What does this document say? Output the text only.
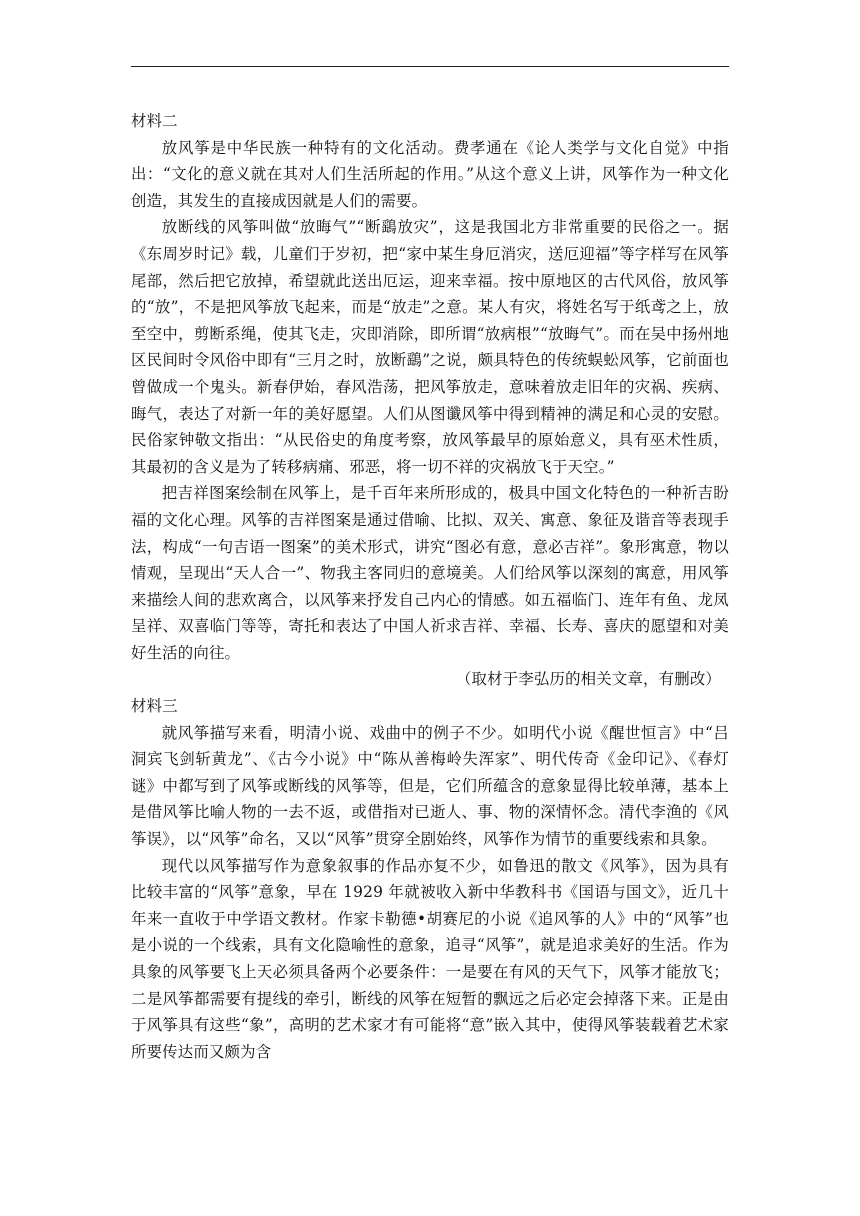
材料二

放风筝是中华民族一种特有的文化活动。费孝通在《论人类学与文化自觉》中指出：“文化的意义就在其对人们生活所起的作用。”从这个意义上讲，风筝作为一种文化创造，其发生的直接成因就是人们的需要。

放断线的风筝叫做“放晦气”“断鷂放灾”，这是我国北方非常重要的民俗之一。据 《东周岁时记》载，儿童们于岁初，把“家中某生身厄消灾，送厄迎福”等字样写在风筝尾部，然后把它放掉，希望就此送出厄运，迎来幸福。按中原地区的古代风俗，放风筝的“放”，不是把风筝放飞起来，而是“放走”之意。某人有灾，将姓名写于纸鸢之上，放至空中，剪断系绳，使其飞走，灾即消除，即所谓“放病根”“放晦气”。而在吴中扬州地区民间时令风俗中即有“三月之时，放断鷂”之说，颇具特色的传统蜈蚣风筝，它前面也曾做成一个鬼头。新春伊始，春风浩荡，把风筝放走，意味着放走旧年的灾祸、疾病、晦气，表达了对新一年的美好愿望。人们从图谶风筝中得到精神的满足和心灵的安慰。民俗家钟敬文指出：“从民俗史的角度考察，放风筝最早的原始意义，具有巫术性质，其最初的含义是为了转移病痛、邪恶，将一切不祥的灾祸放飞于天空。”

把吉祥图案绘制在风筝上，是千百年来所形成的，极具中国文化特色的一种祈吉盼福的文化心理。风筝的吉祥图案是通过借喻、比拟、双关、寓意、象征及谐音等表现手法，构成“一句吉语一图案”的美术形式，讲究“图必有意，意必吉祥”。象形寓意，物以情观，呈现出“天人合一”、物我主客同归的意境美。人们给风筝以深刻的寓意，用风筝来描绘人间的悲欢离合，以风筝来抒发自己内心的情感。如五福临门、连年有鱼、龙凤呈祥、双喜临门等等，寄托和表达了中国人祈求吉祥、幸福、长寿、喜庆的愿望和对美好生活的向往。

（取材于李弘历的相关文章，有删改）

材料三

就风筝描写来看，明清小说、戏曲中的例子不少。如明代小说《醒世恒言》中“吕洞宾飞剑斩黄龙”、《古今小说》中“陈从善梅岭失浑家”、明代传奇《金印记》、《春灯谜》中都写到了风筝或断线的风筝等，但是，它们所蕴含的意象显得比较单薄，基本上是借风筝比喻人物的一去不返，或借指对已逝人、事、物的深情怀念。清代李渔的《风筝误》，以“风筝”命名，又以“风筝”贯穿全剧始终，风筝作为情节的重要线索和具象。

现代以风筝描写作为意象叙事的作品亦复不少，如鲁迅的散文《风筝》，因为具有比较丰富的“风筝”意象，早在 1929 年就被收入新中华教科书《国语与国文》，近几十年来一直收于中学语文教材。作家卡勒德•胡赛尼的小说《追风筝的人》中的“风筝”也是小说的一个线索，具有文化隐喻性的意象，追寻“风筝”，就是追求美好的生活。作为具象的风筝要飞上天必须具备两个必要条件：一是要在有风的天气下，风筝才能放飞；二是风筝都需要有提线的牵引，断线的风筝在短暂的飘远之后必定会掉落下来。正是由于风筝具有这些“象”，高明的艺术家才有可能将“意”嵌入其中，使得风筝装载着艺术家所要传达而又颇为含
